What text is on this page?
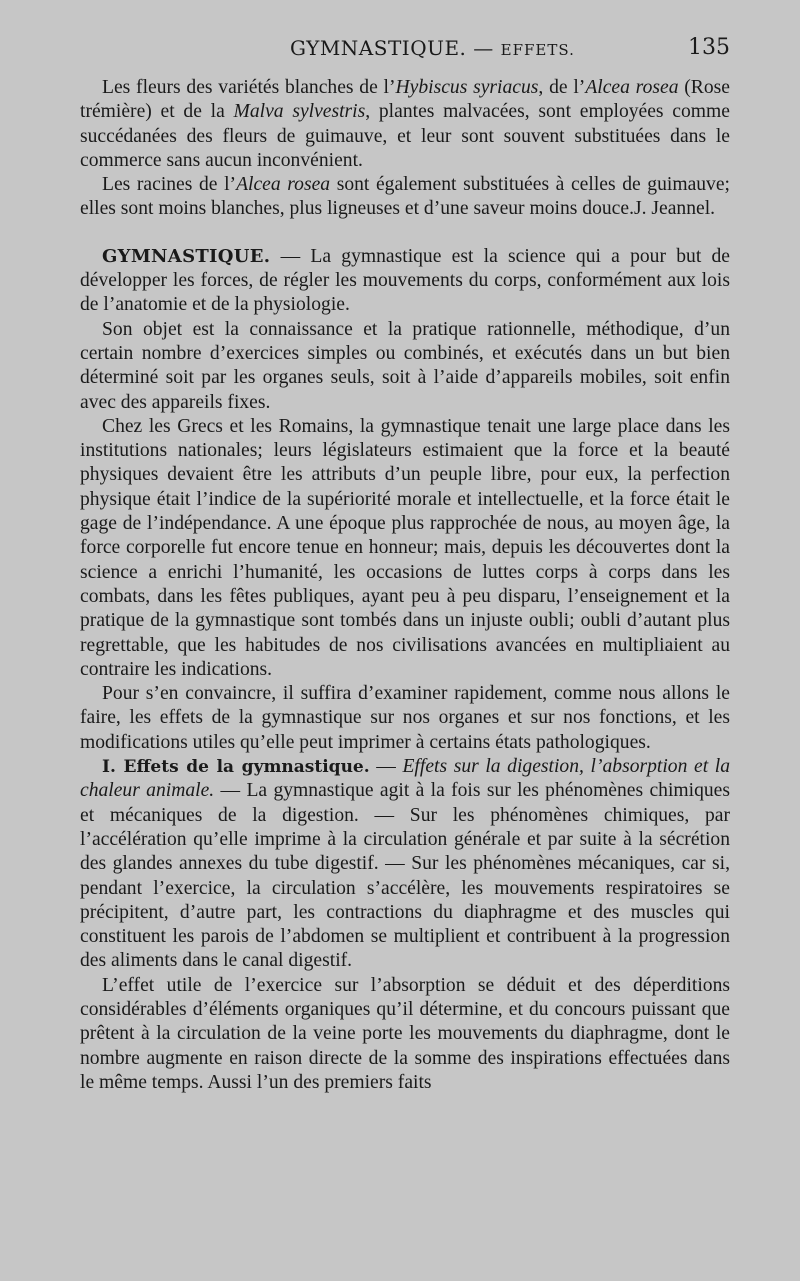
GYMNASTIQUE. — EFFETS.	135

Les fleurs des variétés blanches de l’Hybiscus syriacus, de l’Alcea rosea (Rose trémière) et de la Malva sylvestris, plantes malvacées, sont employées comme succédanées des fleurs de guimauve, et leur sont souvent substituées dans le commerce sans aucun inconvénient.

Les racines de l’Alcea rosea sont également substituées à celles de guimauve; elles sont moins blanches, plus ligneuses et d’une saveur moins douce.J. Jeannel.

GYMNASTIQUE. — La gymnastique est la science qui a pour but de développer les forces, de régler les mouvements du corps, conformément aux lois de l’anatomie et de la physiologie.

Son objet est la connaissance et la pratique rationnelle, méthodique, d’un certain nombre d’exercices simples ou combinés, et exécutés dans un but bien déterminé soit par les organes seuls, soit à l’aide d’appareils mobiles, soit enfin avec des appareils fixes.

Chez les Grecs et les Romains, la gymnastique tenait une large place dans les institutions nationales; leurs législateurs estimaient que la force et la beauté physiques devaient être les attributs d’un peuple libre, pour eux, la perfection physique était l’indice de la supériorité morale et intellectuelle, et la force était le gage de l’indépendance. A une époque plus rapprochée de nous, au moyen âge, la force corporelle fut encore tenue en honneur; mais, depuis les découvertes dont la science a enrichi l’humanité, les occasions de luttes corps à corps dans les combats, dans les fêtes publiques, ayant peu à peu disparu, l’enseignement et la pratique de la gymnastique sont tombés dans un injuste oubli; oubli d’autant plus regrettable, que les habitudes de nos civilisations avancées en multipliaient au contraire les indications.

Pour s’en convaincre, il suffira d’examiner rapidement, comme nous allons le faire, les effets de la gymnastique sur nos organes et sur nos fonctions, et les modifications utiles qu’elle peut imprimer à certains états pathologiques.

I. Effets de la gymnastique. — Effets sur la digestion, l’absorption et la chaleur animale. — La gymnastique agit à la fois sur les phénomènes chimiques et mécaniques de la digestion. — Sur les phénomènes chimiques, par l’accélération qu’elle imprime à la circulation générale et par suite à la sécrétion des glandes annexes du tube digestif. — Sur les phénomènes mécaniques, car si, pendant l’exercice, la circulation s’accélère, les mouvements respiratoires se précipitent, d’autre part, les contractions du diaphragme et des muscles qui constituent les parois de l’abdomen se multiplient et contribuent à la progression des aliments dans le canal digestif.

L’effet utile de l’exercice sur l’absorption se déduit et des déperditions considérables d’éléments organiques qu’il détermine, et du concours puissant que prêtent à la circulation de la veine porte les mouvements du diaphragme, dont le nombre augmente en raison directe de la somme des inspirations effectuées dans le même temps. Aussi l’un des premiers faits
